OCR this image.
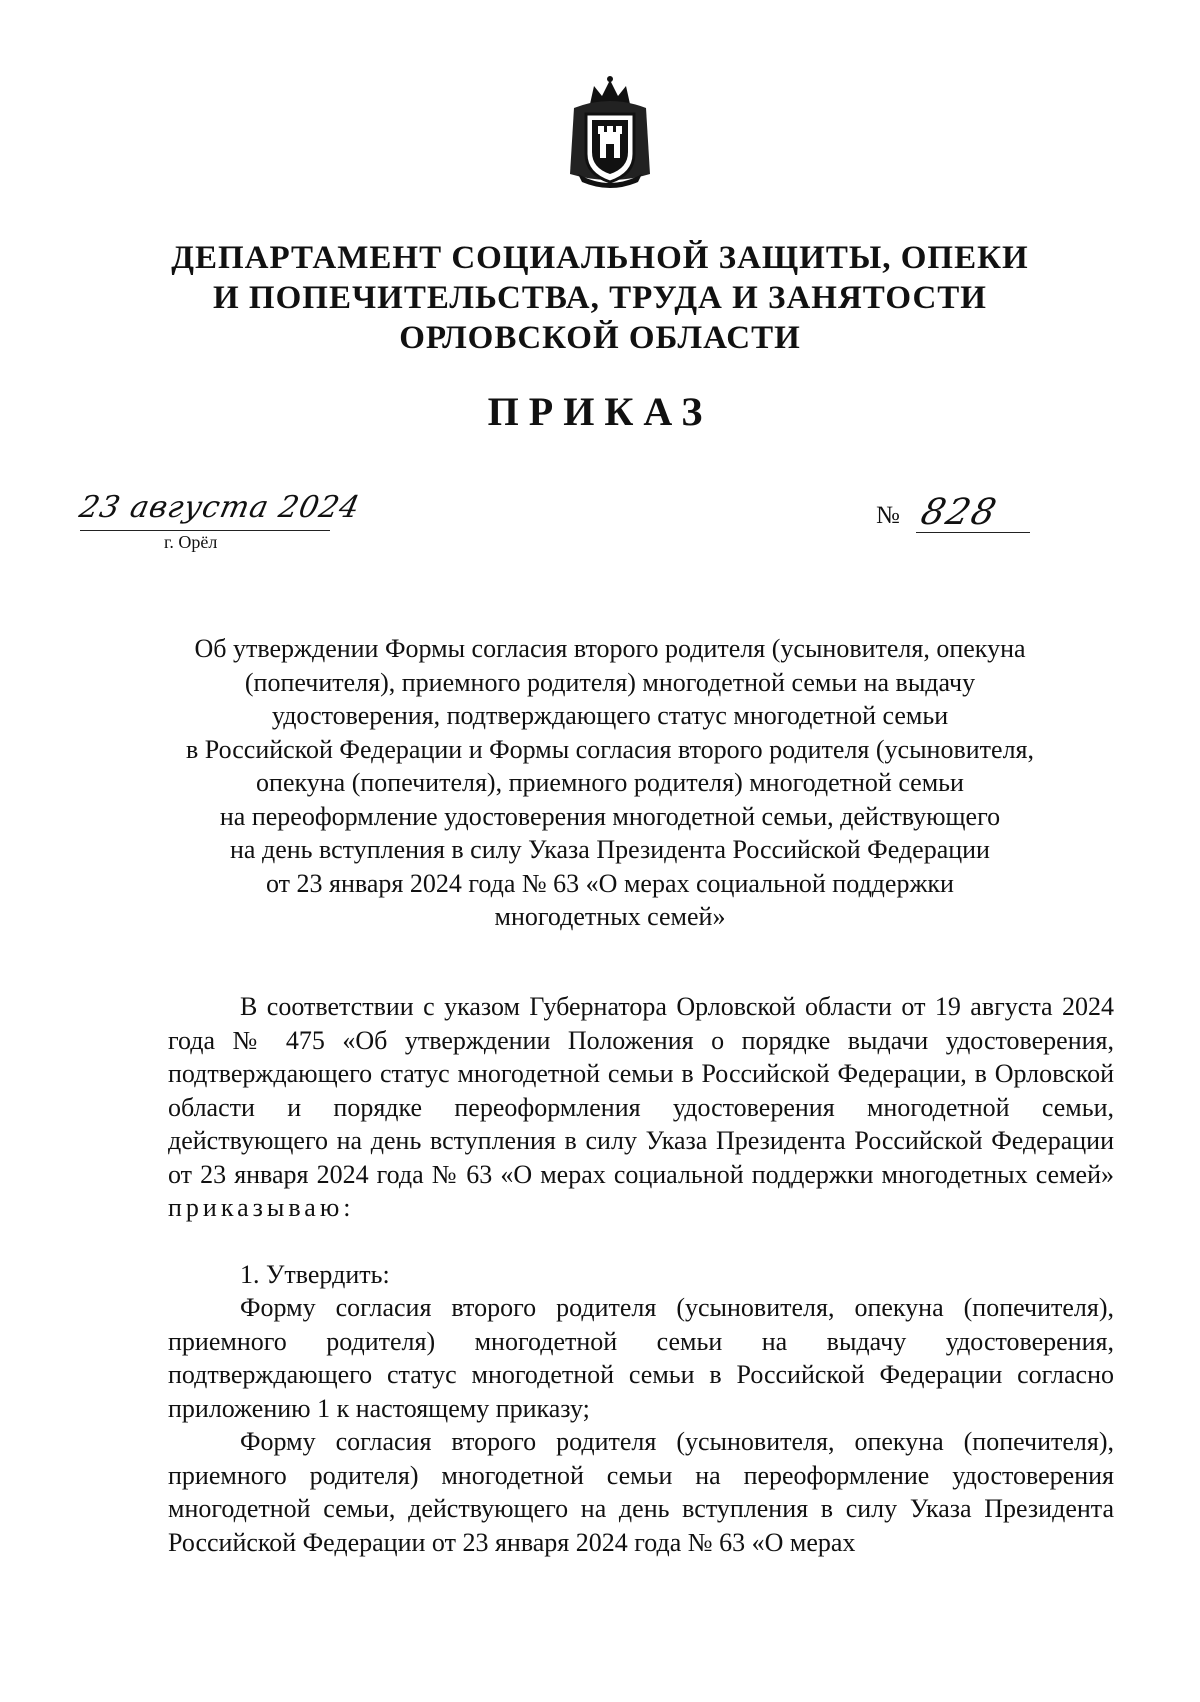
ДЕПАРТАМЕНТ СОЦИАЛЬНОЙ ЗАЩИТЫ, ОПЕКИ
И ПОПЕЧИТЕЛЬСТВА, ТРУДА И ЗАНЯТОСТИ
ОРЛОВСКОЙ ОБЛАСТИ
ПРИКАЗ
23 августа 2024
г. Орёл
№ 828
Об утверждении Формы согласия второго родителя (усыновителя, опекуна
(попечителя), приемного родителя) многодетной семьи на выдачу
удостоверения, подтверждающего статус многодетной семьи
в Российской Федерации и Формы согласия второго родителя (усыновителя,
опекуна (попечителя), приемного родителя) многодетной семьи
на переоформление удостоверения многодетной семьи, действующего
на день вступления в силу Указа Президента Российской Федерации
от 23 января 2024 года № 63 «О мерах социальной поддержки
многодетных семей»

В соответствии с указом Губернатора Орловской области от 19 августа 2024 года № 475 «Об утверждении Положения о порядке выдачи удостоверения, подтверждающего статус многодетной семьи в Российской Федерации, в Орловской области и порядке переоформления удостоверения многодетной семьи, действующего на день вступления в силу Указа Президента Российской Федерации от 23 января 2024 года № 63 «О мерах социальной поддержки многодетных семей» приказываю:

1. Утвердить:

Форму согласия второго родителя (усыновителя, опекуна (попечителя), приемного родителя) многодетной семьи на выдачу удостоверения, подтверждающего статус многодетной семьи в Российской Федерации согласно приложению 1 к настоящему приказу;

Форму согласия второго родителя (усыновителя, опекуна (попечителя), приемного родителя) многодетной семьи на переоформление удостоверения многодетной семьи, действующего на день вступления в силу Указа Президента Российской Федерации от 23 января 2024 года № 63 «О мерах
